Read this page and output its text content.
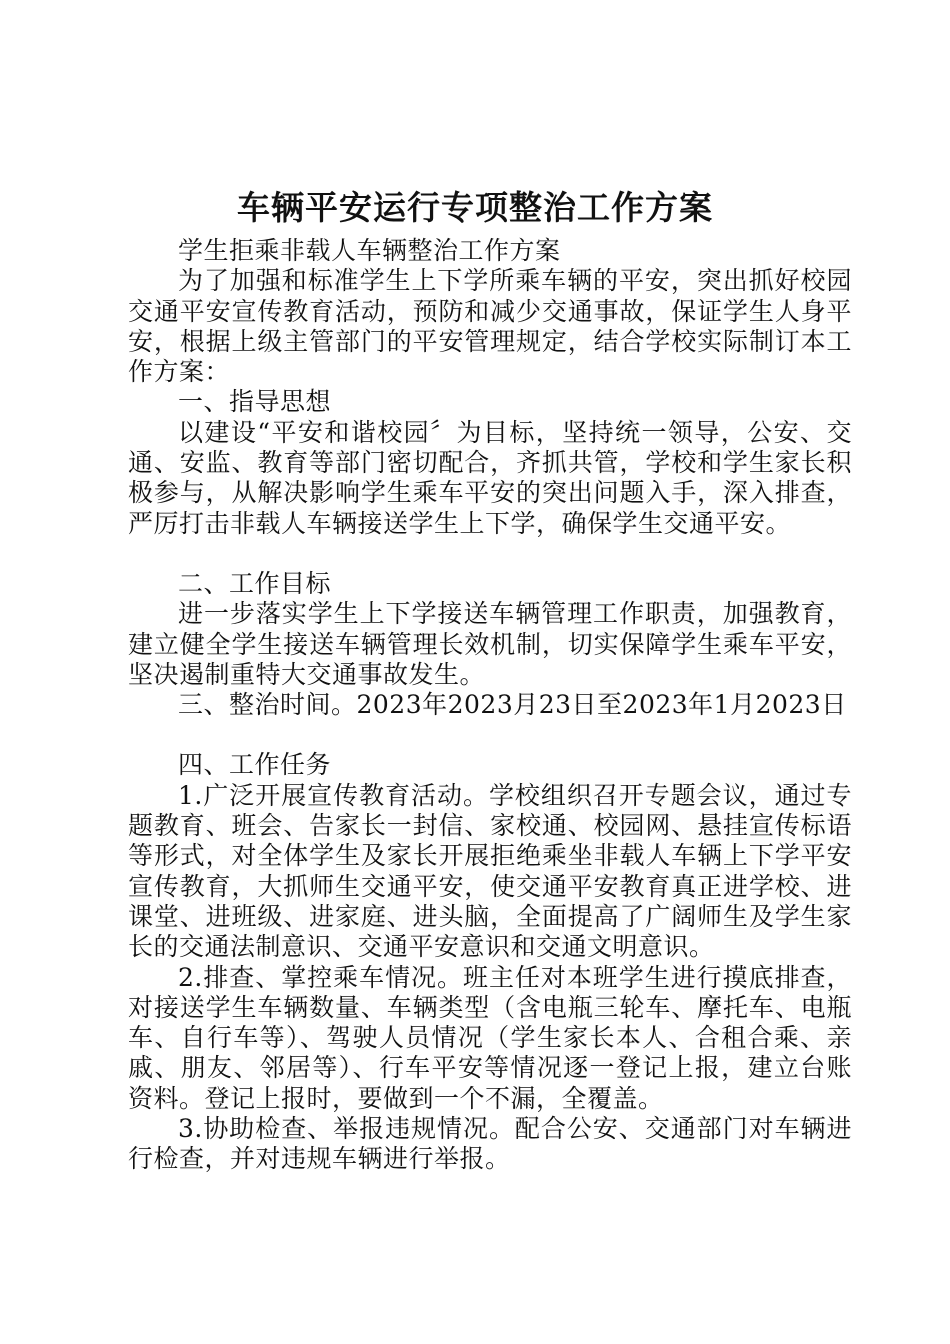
车辆平安运行专项整治工作方案

学生拒乘非载人车辆整治工作方案

为了加强和标准学生上下学所乘车辆的平安，突出抓好校园交通平安宣传教育活动，预防和减少交通事故，保证学生人身平安，根据上级主管部门的平安管理规定，结合学校实际制订本工作方案：

一、指导思想

以建设“平安和谐校园〞为目标，坚持统一领导，公安、交通、安监、教育等部门密切配合，齐抓共管，学校和学生家长积极参与，从解决影响学生乘车平安的突出问题入手，深入排查，严厉打击非载人车辆接送学生上下学，确保学生交通平安。

二、工作目标

进一步落实学生上下学接送车辆管理工作职责，加强教育，建立健全学生接送车辆管理长效机制，切实保障学生乘车平安，坚决遏制重特大交通事故发生。

三、整治时间。2023年2023月23日至2023年1月2023日

四、工作任务

1.广泛开展宣传教育活动。学校组织召开专题会议，通过专题教育、班会、告家长一封信、家校通、校园网、悬挂宣传标语等形式，对全体学生及家长开展拒绝乘坐非载人车辆上下学平安宣传教育，大抓师生交通平安，使交通平安教育真正进学校、进课堂、进班级、进家庭、进头脑，全面提高了广阔师生及学生家长的交通法制意识、交通平安意识和交通文明意识。

2.排查、掌控乘车情况。班主任对本班学生进行摸底排查，对接送学生车辆数量、车辆类型（含电瓶三轮车、摩托车、电瓶车、自行车等）、驾驶人员情况（学生家长本人、合租合乘、亲戚、朋友、邻居等）、行车平安等情况逐一登记上报，建立台账资料。登记上报时，要做到一个不漏，全覆盖。

3.协助检查、举报违规情况。配合公安、交通部门对车辆进行检查，并对违规车辆进行举报。
